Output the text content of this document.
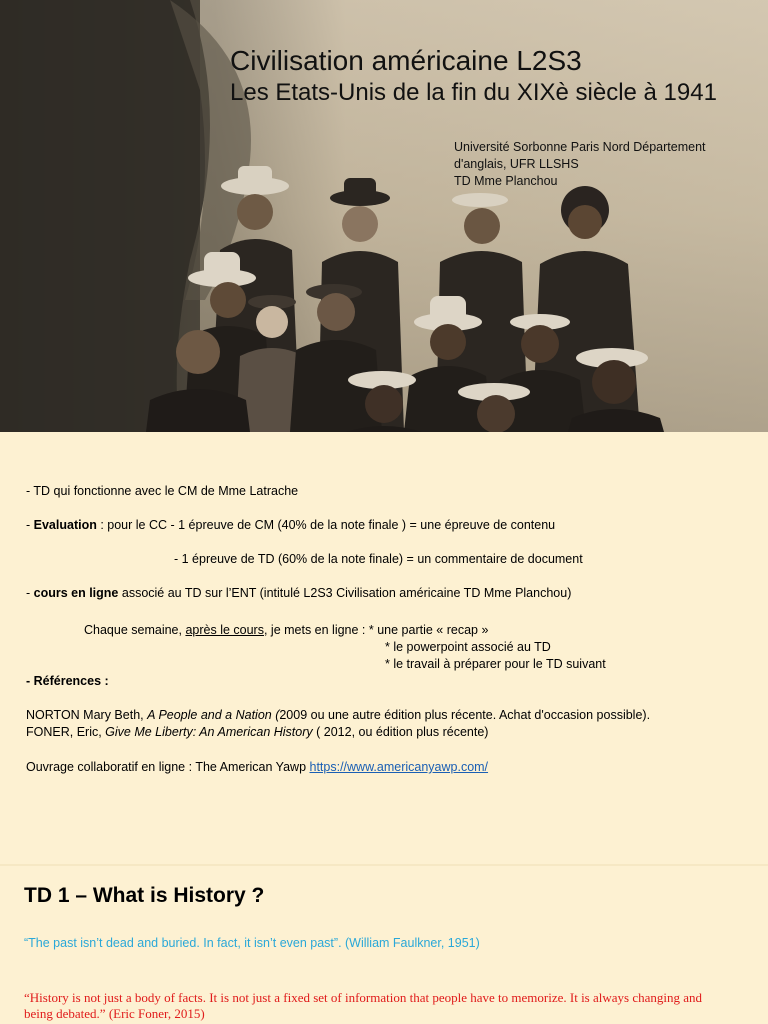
Civilisation américaine L2S3
Les Etats-Unis de la fin du XIXè siècle à 1941
Université Sorbonne Paris Nord Département
d'anglais, UFR LLSHS
TD Mme Planchou
- TD qui fonctionne avec le CM de Mme Latrache
- Evaluation : pour le CC - 1 épreuve de CM (40% de la note finale ) = une épreuve de contenu
- 1 épreuve de TD (60% de la note finale) = un commentaire de document
- cours en ligne associé au TD sur l’ENT (intitulé L2S3 Civilisation américaine TD Mme Planchou)
Chaque semaine, après le cours, je mets en ligne : * une partie « recap »
* le powerpoint associé au TD
* le travail à préparer pour le TD suivant
- Références :
NORTON Mary Beth, A People and a Nation (2009 ou une autre édition plus récente. Achat d'occasion possible).
FONER, Eric, Give Me Liberty: An American History ( 2012, ou édition plus récente)
Ouvrage collaboratif en ligne : The American Yawp https://www.americanyawp.com/
TD 1 – What is History ?
“The past isn’t dead and buried. In fact, it isn’t even past”. (William Faulkner, 1951)
“History is not just a body of facts. It is not just a fixed set of information that people have to memorize. It is always changing and being debated.” (Eric Foner, 2015)
